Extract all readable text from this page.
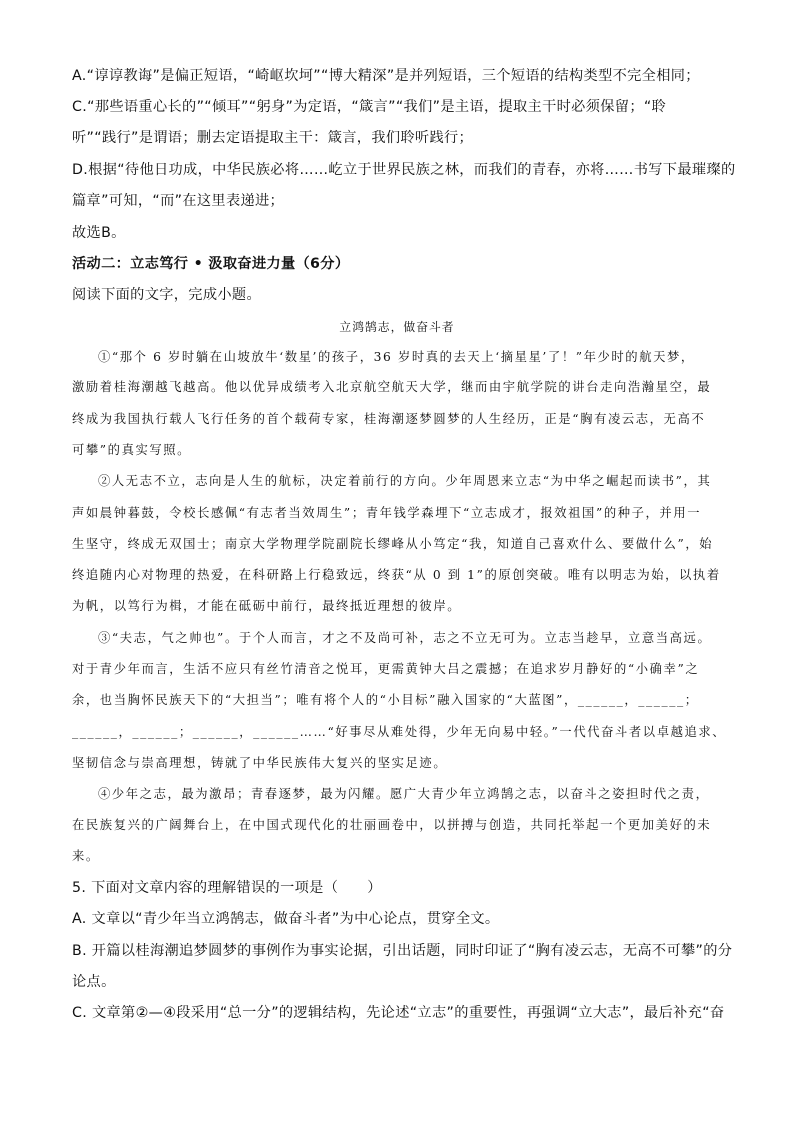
A.“谆谆教诲”是偏正短语，“崎岖坎坷”“博大精深”是并列短语，三个短语的结构类型不完全相同；
C.“那些语重心长的”“倾耳”“躬身”为定语，“箴言”“我们”是主语，提取主干时必须保留；“聆
听”“践行”是谓语；删去定语提取主干：箴言，我们聆听践行；
D.根据“待他日功成，中华民族必将……屹立于世界民族之林，而我们的青春，亦将……书写下最璀璨的
篇章”可知，“而”在这里表递进；
故选B。
活动二：立志笃行 • 汲取奋进力量（6分）
阅读下面的文字，完成小题。
立鸿鹄志，做奋斗者
①“那个 6 岁时躺在山坡放牛‘数星’的孩子，36 岁时真的去天上‘摘星星’了！”年少时的航天梦，
激励着桂海潮越飞越高。他以优异成绩考入北京航空航天大学，继而由宇航学院的讲台走向浩瀚星空，最
终成为我国执行载人飞行任务的首个载荷专家，桂海潮逐梦圆梦的人生经历，正是“胸有凌云志，无高不
可攀”的真实写照。
②人无志不立，志向是人生的航标，决定着前行的方向。少年周恩来立志“为中华之崛起而读书”，其
声如晨钟暮鼓，令校长感佩“有志者当效周生”；青年钱学森埋下“立志成才，报效祖国”的种子，并用一
生坚守，终成无双国士；南京大学物理学院副院长缪峰从小笃定“我，知道自己喜欢什么、要做什么”，始
终追随内心对物理的热爱，在科研路上行稳致远，终获“从 0 到 1”的原创突破。唯有以明志为始，以执着
为帆，以笃行为楫，才能在砥砺中前行，最终抵近理想的彼岸。
③“夫志，气之帅也”。于个人而言，才之不及尚可补，志之不立无可为。立志当趁早，立意当高远。
对于青少年而言，生活不应只有丝竹清音之悦耳，更需黄钟大吕之震撼；在追求岁月静好的“小确幸”之
余，也当胸怀民族天下的“大担当”；唯有将个人的“小目标”融入国家的“大蓝图”，______，______；
______，______；______，______……“好事尽从难处得，少年无向易中轻。”一代代奋斗者以卓越追求、
坚韧信念与崇高理想，铸就了中华民族伟大复兴的坚实足迹。
④少年之志，最为激昂；青春逐梦，最为闪耀。愿广大青少年立鸿鹄之志，以奋斗之姿担时代之责，
在民族复兴的广阔舞台上，在中国式现代化的壮丽画卷中，以拼搏与创造，共同托举起一个更加美好的未
来。
5. 下面对文章内容的理解错误的一项是（　　）
A. 文章以“青少年当立鸿鹄志，做奋斗者”为中心论点，贯穿全文。
B. 开篇以桂海潮追梦圆梦的事例作为事实论据，引出话题，同时印证了“胸有凌云志，无高不可攀”的分
论点。
C. 文章第②—④段采用“总一分”的逻辑结构，先论述“立志”的重要性，再强调“立大志”，最后补充“奋
